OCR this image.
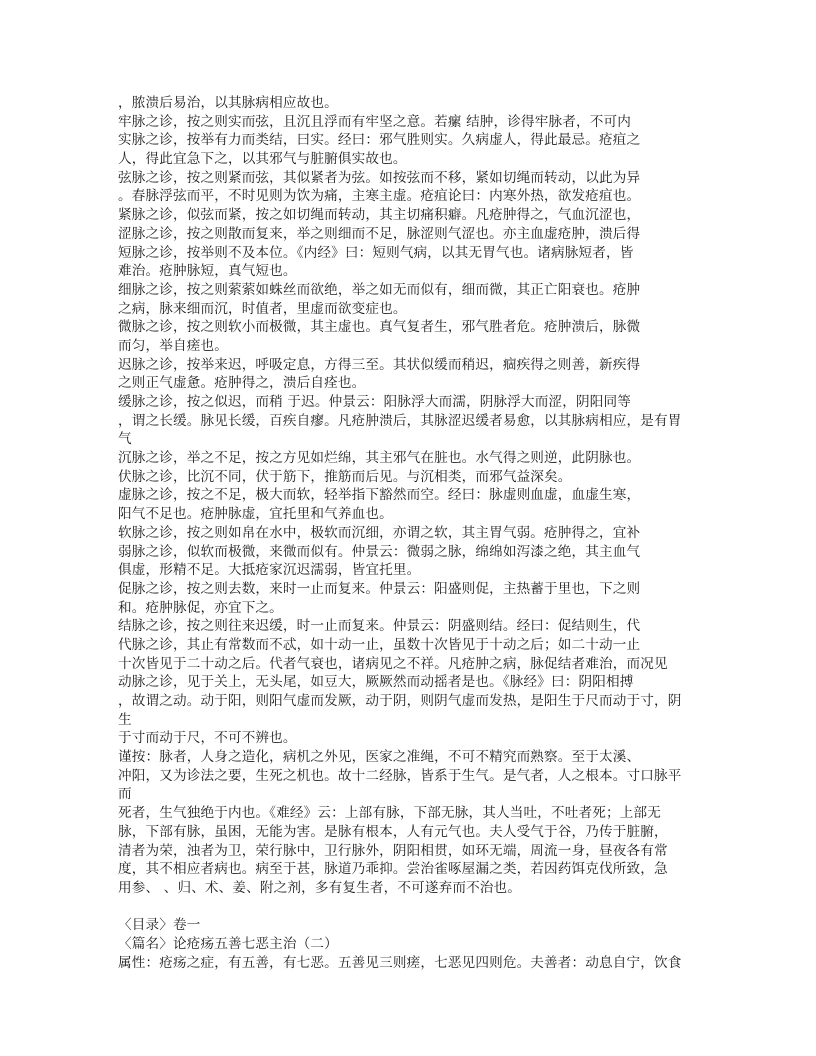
，脓溃后易治，以其脉病相应故也。
牢脉之诊，按之则实而弦，且沉且浮而有牢坚之意。若瘰 结肿，诊得牢脉者，不可内
实脉之诊，按举有力而类结，曰实。经曰：邪气胜则实。久病虚人，得此最忌。疮疽之
人，得此宜急下之，以其邪气与脏腑俱实故也。
弦脉之诊，按之则紧而弦，其似紧者为弦。如按弦而不移，紧如切绳而转动，以此为异
。春脉浮弦而平，不时见则为饮为痛，主寒主虚。疮疽论曰：内寒外热，欲发疮疽也。
紧脉之诊，似弦而紧，按之如切绳而转动，其主切痛积癖。凡疮肿得之，气血沉涩也，
涩脉之诊，按之则散而复来，举之则细而不足，脉涩则气涩也。亦主血虚疮肿，溃后得
短脉之诊，按举则不及本位。《内经》曰：短则气病，以其无胃气也。诸病脉短者，皆
难治。疮肿脉短，真气短也。
细脉之诊，按之则萦萦如蛛丝而欲绝，举之如无而似有，细而微，其正亡阳衰也。疮肿
之病，脉来细而沉，时值者，里虚而欲变症也。
微脉之诊，按之则软小而极微，其主虚也。真气复者生，邪气胜者危。疮肿溃后，脉微
而匀，举自瘥也。
迟脉之诊，按举来迟，呼吸定息，方得三至。其状似缓而稍迟，痼疾得之则善，新疾得
之则正气虚惫。疮肿得之，溃后自痊也。
缓脉之诊，按之似迟，而稍 于迟。仲景云：阳脉浮大而濡，阴脉浮大而涩，阴阳同等
，谓之长缓。脉见长缓，百疾自瘳。凡疮肿溃后，其脉涩迟缓者易愈，以其脉病相应，是有胃
气
沉脉之诊，举之不足，按之方见如烂绵，其主邪气在脏也。水气得之则逆，此阴脉也。
伏脉之诊，比沉不同，伏于筋下，推筋而后见。与沉相类，而邪气益深矣。
虚脉之诊，按之不足，极大而软，轻举指下豁然而空。经曰：脉虚则血虚，血虚生寒，
阳气不足也。疮肿脉虚，宜托里和气养血也。
软脉之诊，按之则如帛在水中，极软而沉细，亦谓之软，其主胃气弱。疮肿得之，宜补
弱脉之诊，似软而极微，来微而似有。仲景云：微弱之脉，绵绵如泻漆之绝，其主血气
俱虚，形精不足。大抵疮家沉迟濡弱，皆宜托里。
促脉之诊，按之则去数，来时一止而复来。仲景云：阳盛则促，主热蓄于里也，下之则
和。疮肿脉促，亦宜下之。
结脉之诊，按之则往来迟缓，时一止而复来。仲景云：阴盛则结。经曰：促结则生，代
代脉之诊，其止有常数而不忒，如十动一止，虽数十次皆见于十动之后；如二十动一止
十次皆见于二十动之后。代者气衰也，诸病见之不祥。凡疮肿之病，脉促结者难治，而况见
动脉之诊，见于关上，无头尾，如豆大，厥厥然而动摇者是也。《脉经》曰：阴阳相搏
，故谓之动。动于阳，则阳气虚而发厥，动于阴，则阴气虚而发热，是阳生于尺而动于寸，阴
生
于寸而动于尺，不可不辨也。
谨按：脉者，人身之造化，病机之外见，医家之准绳，不可不精究而熟察。至于太溪、
冲阳，又为诊法之要，生死之机也。故十二经脉，皆系于生气。是气者，人之根本。寸口脉平
而
死者，生气独绝于内也。《难经》云：上部有脉，下部无脉，其人当吐，不吐者死；上部无
脉，下部有脉，虽困，无能为害。是脉有根本，人有元气也。夫人受气于谷，乃传于脏腑，
清者为荣，浊者为卫，荣行脉中，卫行脉外，阴阳相贯，如环无端，周流一身，昼夜各有常
度，其不相应者病也。病至于甚，脉道乃乖抑。尝治雀啄屋漏之类，若因药饵克伐所致，急
用参、 、归、术、姜、附之剂，多有复生者，不可遂弃而不治也。
〈目录〉卷一
〈篇名〉论疮疡五善七恶主治（二）
属性：疮疡之症，有五善，有七恶。五善见三则瘥，七恶见四则危。夫善者：动息自宁，饮食
